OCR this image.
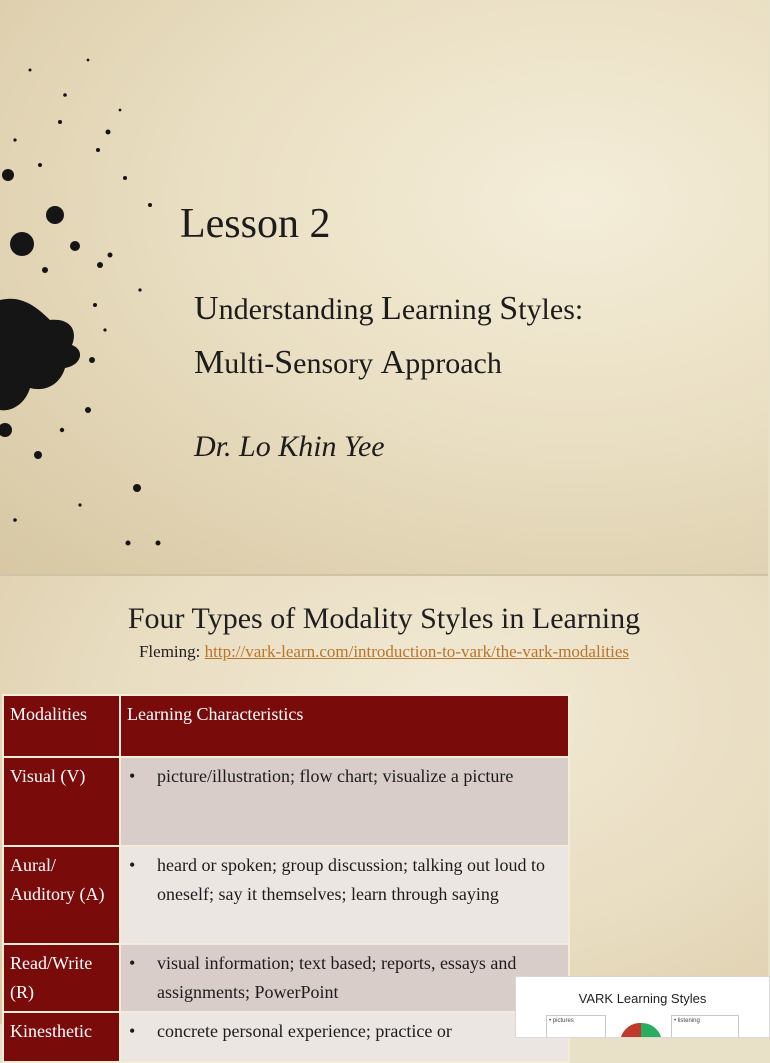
Lesson 2
Understanding Learning Styles:
Multi-Sensory Approach
Dr. Lo Khin Yee
Four Types of Modality Styles in Learning
Fleming: http://vark-learn.com/introduction-to-vark/the-vark-modalities
Modalities	Learning Characteristics
Visual (V)	• picture/illustration; flow chart; visualize a picture

Aural/ Auditory (A)	• heard or spoken; group discussion; talking out loud to oneself; say it themselves; learn through saying

Read/Write (R)	• visual information; text based; reports, essays and assignments; PowerPoint

Kinesthetic	• concrete personal experience; practice or
VARK Learning Styles
• pictures	• listening
